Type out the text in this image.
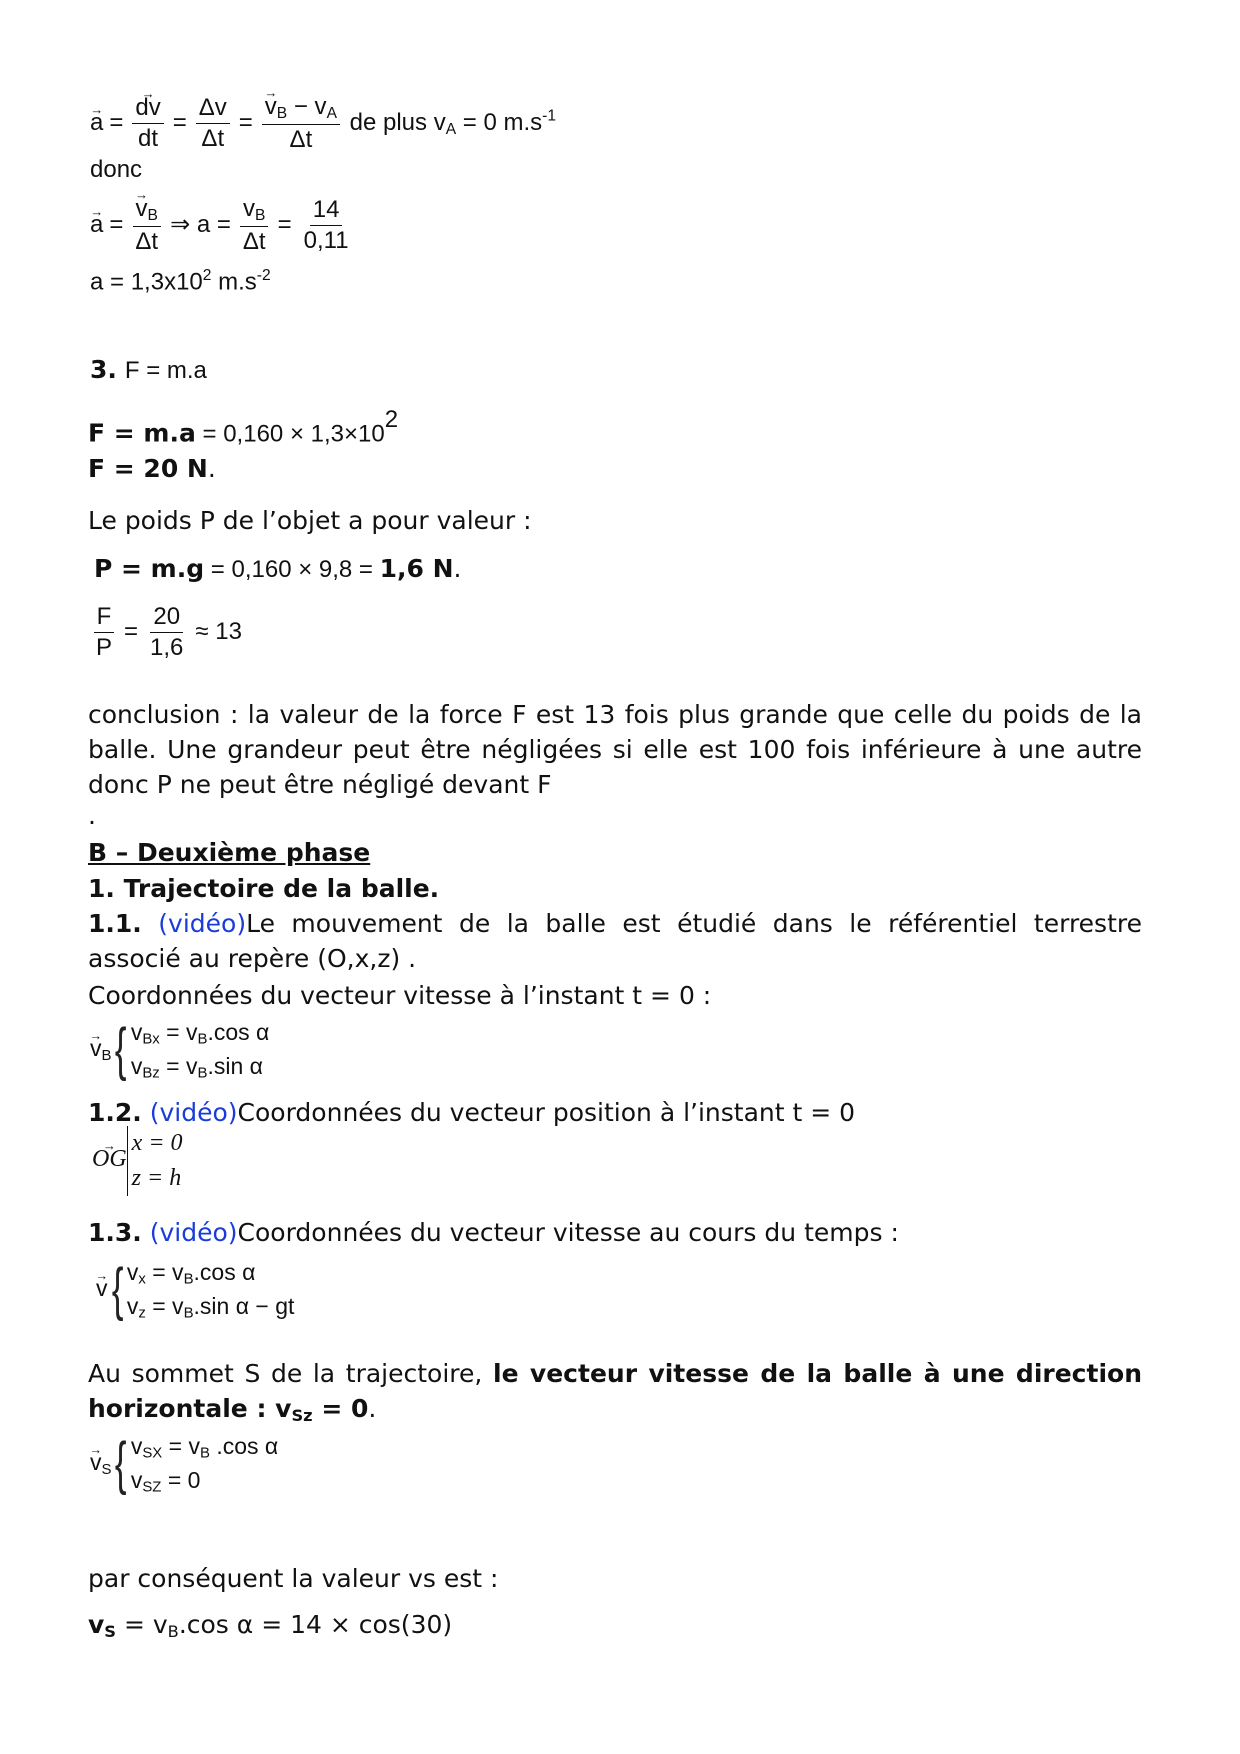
→ a = → $\frac{dv}{dt} = \frac{\Delta v}{\Delta t}$ = → $\frac{v_B - v_A}{\Delta t}$ de plus $v_A = 0$ $m.s^{-1}$
donc
→ a = → $\frac{v_B}{\Delta t}$ ⇒ $a = \frac{v_B}{\Delta t} = \frac{14}{0,11}$
$a = 1,3x10^2$ $m.s^{-2}$
3. F = m.a
$F = m.a = 0,160 \times 1,3\times 10^2$
F = 20 N.
Le poids P de l’objet a pour valeur :
P = m.g = 0,160 × 9,8 = 1,6 N.
$\frac{F}{P} = \frac{20}{1,6} \approx 13$
conclusion : la valeur de la force F est 13 fois plus grande que celle du poids de la balle. Une grandeur peut être négligées si elle est 100 fois inférieure à une autre donc P ne peut être négligé devant F
.
B – Deuxième phase
1. Trajectoire de la balle.
1.1. (vidéo)Le mouvement de la balle est étudié dans le référentiel terrestre associé au repère (O,x,z) .
Coordonnées du vecteur vitesse à l’instant t = 0 :
→ $v_B${ $v_{Bx} = v_B.\cos$ α
$v_{Bz} = v_B.\sin$ α
1.2. (vidéo)Coordonnées du vecteur position à l’instant t = 0
→ OG
x = 0
z = h
1.3. (vidéo)Coordonnées du vecteur vitesse au cours du temps :
→ v{ $v_x = v_B.\cos$ α
$v_z = v_B.\sin$ α − gt
Au sommet S de la trajectoire, le vecteur vitesse de la balle à une direction horizontale : $v_{Sz} = 0$.
→ $v_S${ $v_{SX} = v_B$ .cos α
$v_{SZ} = 0$
par conséquent la valeur vs est :
$v_S = v_B.\cos$ α = 14 × cos(30)
